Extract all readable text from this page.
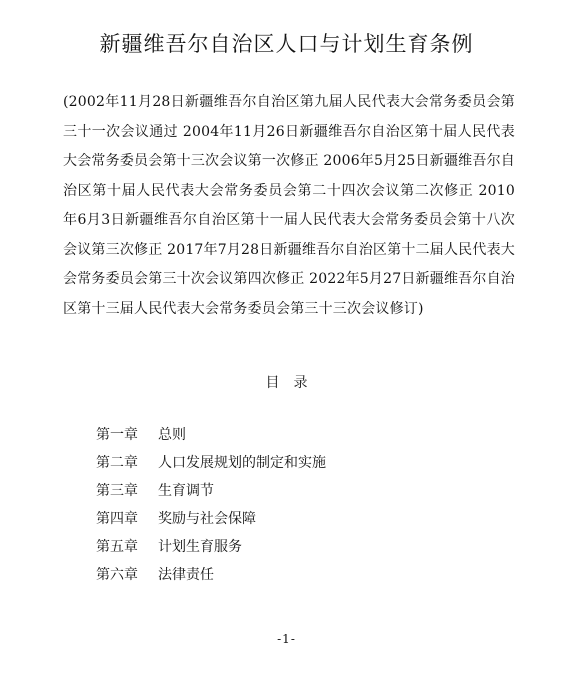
新疆维吾尔自治区人口与计划生育条例
(2002年11月28日新疆维吾尔自治区第九届人民代表大会常务委员会第三十一次会议通过 2004年11月26日新疆维吾尔自治区第十届人民代表大会常务委员会第十三次会议第一次修正 2006年5月25日新疆维吾尔自治区第十届人民代表大会常务委员会第二十四次会议第二次修正 2010年6月3日新疆维吾尔自治区第十一届人民代表大会常务委员会第十八次会议第三次修正 2017年7月28日新疆维吾尔自治区第十二届人民代表大会常务委员会第三十次会议第四次修正 2022年5月27日新疆维吾尔自治区第十三届人民代表大会常务委员会第三十三次会议修订)
目录
第一章 总则
第二章 人口发展规划的制定和实施
第三章 生育调节
第四章 奖励与社会保障
第五章 计划生育服务
第六章 法律责任
-1-
